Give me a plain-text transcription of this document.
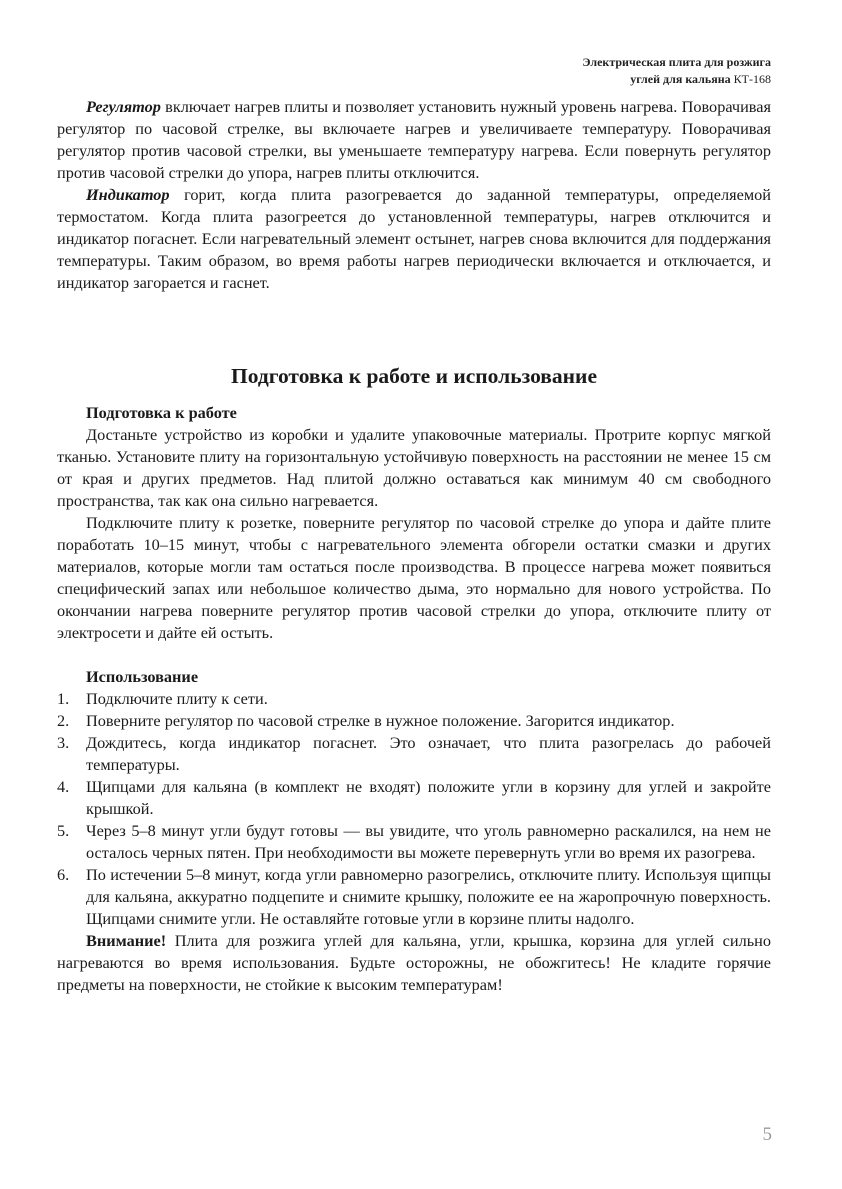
Электрическая плита для розжига
углей для кальяна КТ-168

Регулятор включает нагрев плиты и позволяет установить нужный уровень нагрева. Поворачивая регулятор по часовой стрелке, вы включаете нагрев и увеличиваете температуру. Поворачивая регулятор против часовой стрелки, вы уменьшаете температуру нагрева. Если повернуть регулятор против часовой стрелки до упора, нагрев плиты отключится.

Индикатор горит, когда плита разогревается до заданной температуры, определяемой термостатом. Когда плита разогреется до установленной температуры, нагрев отключится и индикатор погаснет. Если нагревательный элемент остынет, нагрев снова включится для поддержания температуры. Таким образом, во время работы нагрев периодически включается и отключается, и индикатор загорается и гаснет.

Подготовка к работе и использование
Подготовка к работе

Достаньте устройство из коробки и удалите упаковочные материалы. Протрите корпус мягкой тканью. Установите плиту на горизонтальную устойчивую поверхность на расстоянии не менее 15 см от края и других предметов. Над плитой должно оставаться как минимум 40 см свободного пространства, так как она сильно нагревается.

Подключите плиту к розетке, поверните регулятор по часовой стрелке до упора и дайте плите поработать 10–15 минут, чтобы с нагревательного элемента обгорели остатки смазки и других материалов, которые могли там остаться после производства. В процессе нагрева может появиться специфический запах или небольшое количество дыма, это нормально для нового устройства. По окончании нагрева поверните регулятор против часовой стрелки до упора, отключите плиту от электросети и дайте ей остыть.

Использование
1.	Подключите плиту к сети.
2.	Поверните регулятор по часовой стрелке в нужное положение. Загорится индикатор.
3.	Дождитесь, когда индикатор погаснет. Это означает, что плита разогрелась до рабочей температуры.
4.	Щипцами для кальяна (в комплект не входят) положите угли в корзину для углей и закройте крышкой.
5.	Через 5–8 минут угли будут готовы — вы увидите, что уголь равномерно раскалился, на нем не осталось черных пятен. При необходимости вы можете перевернуть угли во время их разогрева.
6.	По истечении 5–8 минут, когда угли равномерно разогрелись, отключите плиту. Используя щипцы для кальяна, аккуратно подцепите и снимите крышку, положите ее на жаропрочную поверхность. Щипцами снимите угли. Не оставляйте готовые угли в корзине плиты надолго.

Внимание! Плита для розжига углей для кальяна, угли, крышка, корзина для углей сильно нагреваются во время использования. Будьте осторожны, не обожгитесь! Не кладите горячие предметы на поверхности, не стойкие к высоким температурам!

5
